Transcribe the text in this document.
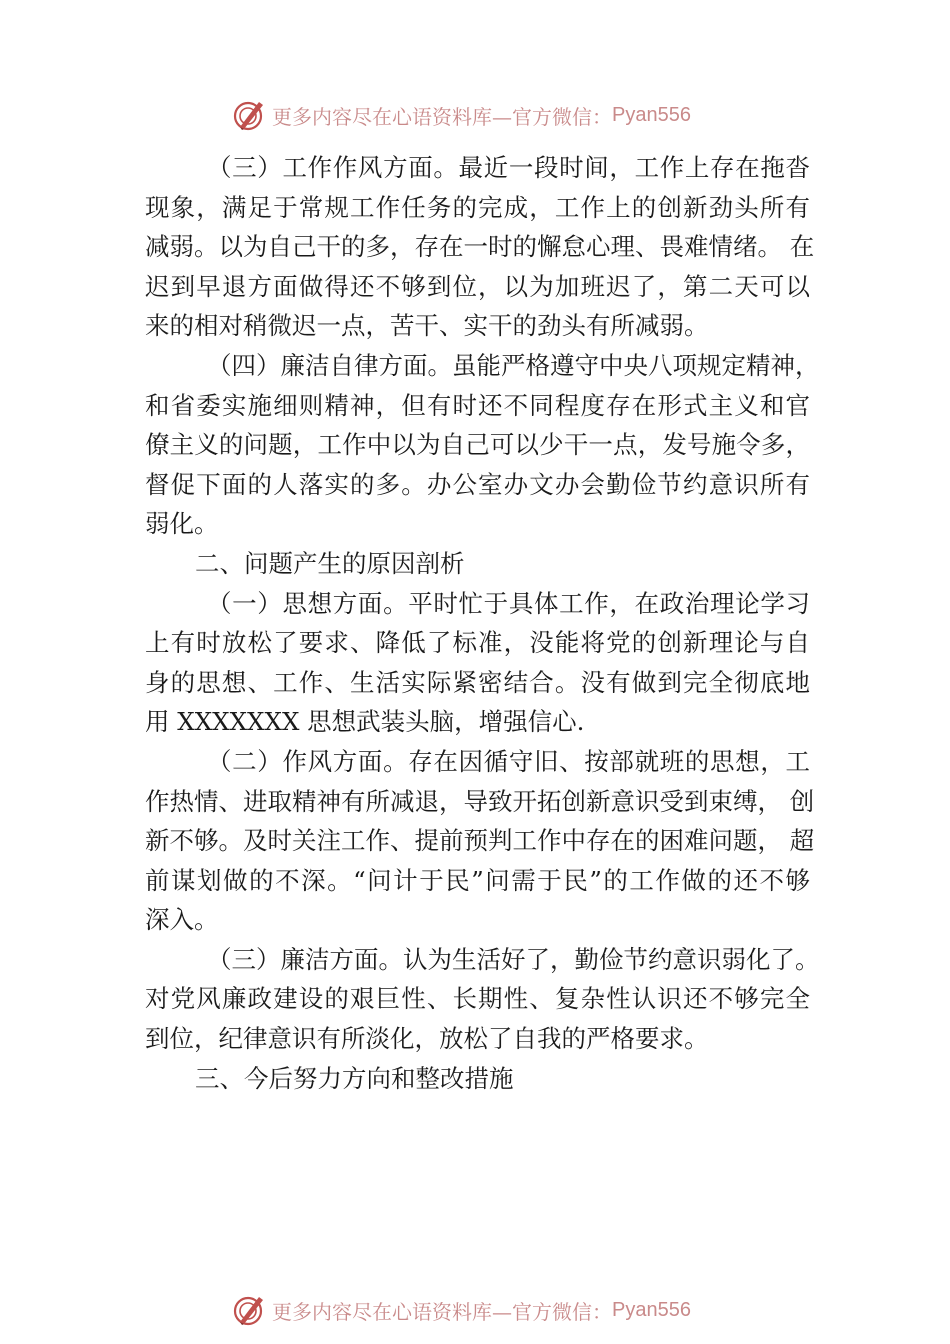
更多内容尽在心语资料库—官方微信： Pyan556
（三）工作作风方面。最近一段时间，工作上存在拖沓
现象，满足于常规工作任务的完成，工作上的创新劲头所有
减弱。以为自己干的多，存在一时的懈怠心理、畏难情绪。 在
迟到早退方面做得还不够到位，以为加班迟了，第二天可以
来的相对稍微迟一点，苦干、实干的劲头有所减弱。
（四）廉洁自律方面。虽能严格遵守中央八项规定精神，
和省委实施细则精神，但有时还不同程度存在形式主义和官
僚主义的问题，工作中以为自己可以少干一点，发号施令多，
督促下面的人落实的多。办公室办文办会勤俭节约意识所有
弱化。
二、问题产生的原因剖析
（一）思想方面。平时忙于具体工作，在政治理论学习
上有时放松了要求、降低了标准，没能将党的创新理论与自
身的思想、工作、生活实际紧密结合。没有做到完全彻底地
用 XXXXXXX 思想武装头脑，增强信心.
（二）作风方面。存在因循守旧、按部就班的思想，工
作热情、进取精神有所减退，导致开拓创新意识受到束缚， 创
新不够。及时关注工作、提前预判工作中存在的困难问题， 超
前谋划做的不深。“问计于民”问需于民”的工作做的还不够
深入。
（三）廉洁方面。认为生活好了，勤俭节约意识弱化了。
对党风廉政建设的艰巨性、长期性、复杂性认识还不够完全
到位，纪律意识有所淡化，放松了自我的严格要求。
三、今后努力方向和整改措施
更多内容尽在心语资料库—官方微信： Pyan556
